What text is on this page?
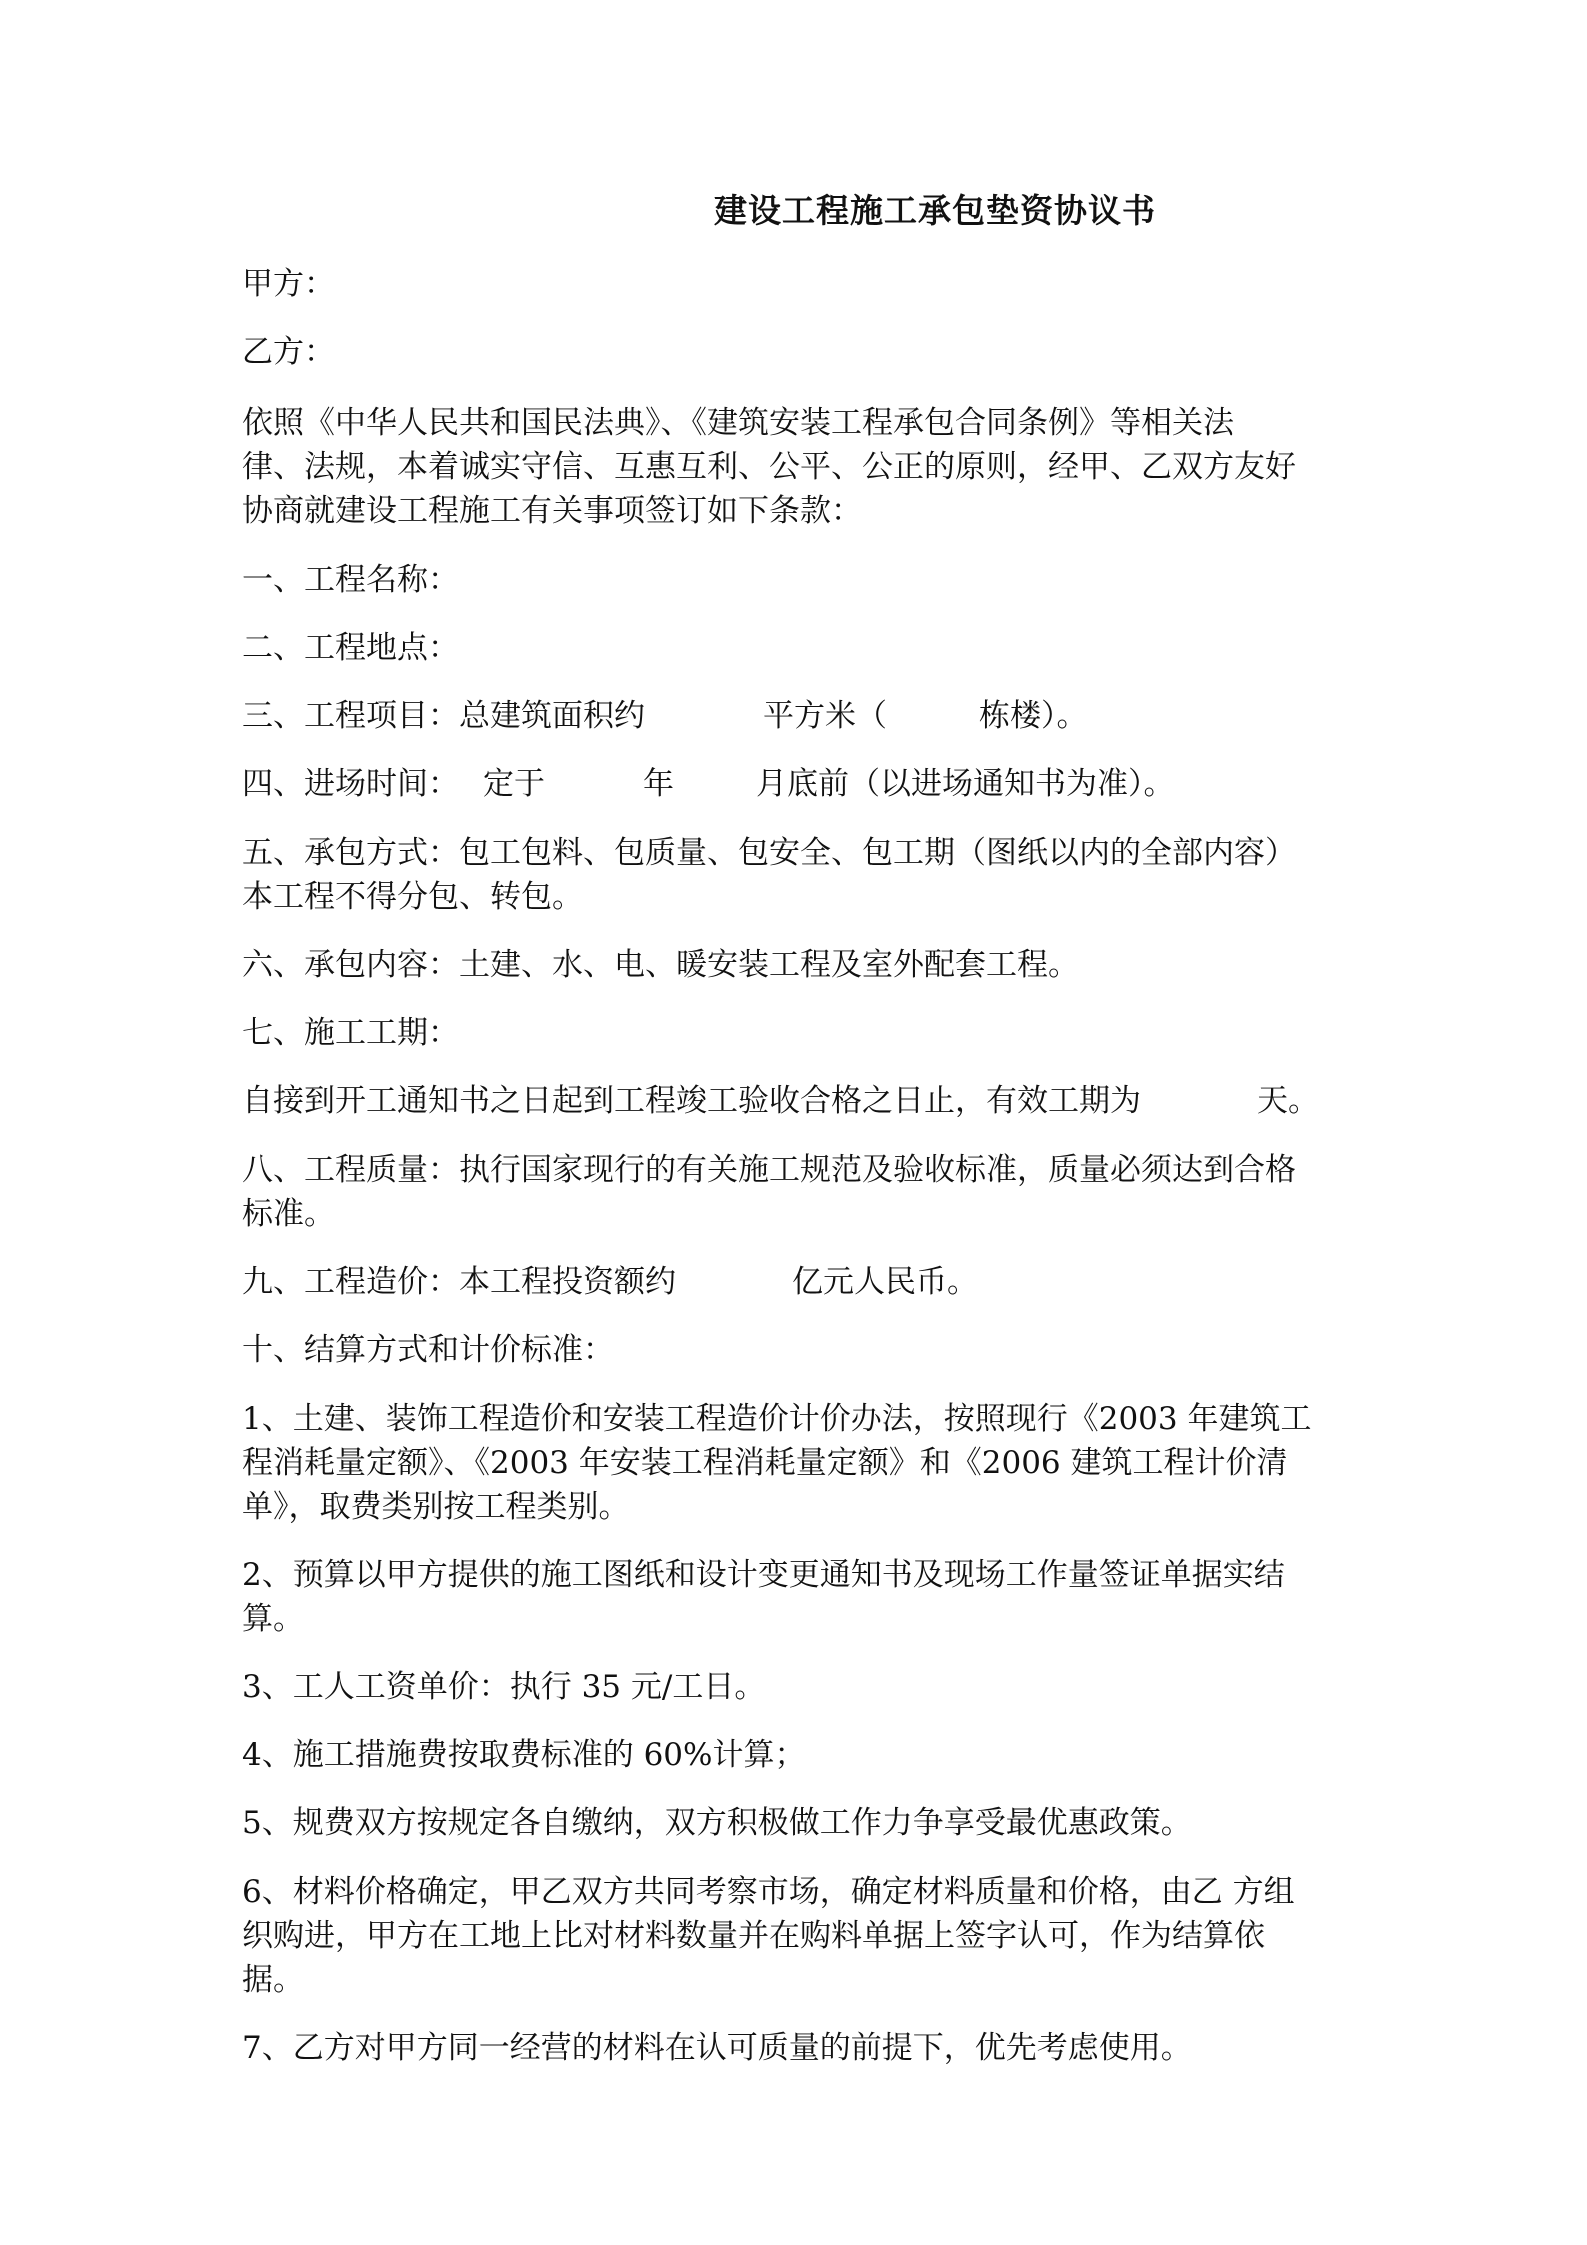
建设工程施工承包垫资协议书
甲方：
乙方：
依照《中华人民共和国民法典》、《建筑安装工程承包合同条例》等相关法
律、法规，本着诚实守信、互惠互利、公平、公正的原则，经甲、乙双方友好
协商就建设工程施工有关事项签订如下条款：
一、工程名称：
二、工程地点：
三、工程项目：总建筑面积约	平方米（	栋楼）。
四、进场时间： 定于	年	月底前（以进场通知书为准）。
五、承包方式：包工包料、包质量、包安全、包工期（图纸以内的全部内容）
本工程不得分包、转包。
六、承包内容：土建、水、电、暖安装工程及室外配套工程。
七、施工工期：
自接到开工通知书之日起到工程竣工验收合格之日止，有效工期为	天。
八、工程质量：执行国家现行的有关施工规范及验收标准，质量必须达到合格
标准。
九、工程造价：本工程投资额约	亿元人民币。
十、结算方式和计价标准：
1、土建、装饰工程造价和安装工程造价计价办法，按照现行《2003 年建筑工
程消耗量定额》、《2003 年安装工程消耗量定额》和《2006 建筑工程计价清
单》，取费类别按工程类别。
2、预算以甲方提供的施工图纸和设计变更通知书及现场工作量签证单据实结
算。
3、工人工资单价：执行 35 元/工日。
4、施工措施费按取费标准的 60%计算；
5、规费双方按规定各自缴纳，双方积极做工作力争享受最优惠政策。
6、材料价格确定，甲乙双方共同考察市场，确定材料质量和价格，由乙 方组
织购进，甲方在工地上比对材料数量并在购料单据上签字认可，作为结算依
据。
7、乙方对甲方同一经营的材料在认可质量的前提下，优先考虑使用。
